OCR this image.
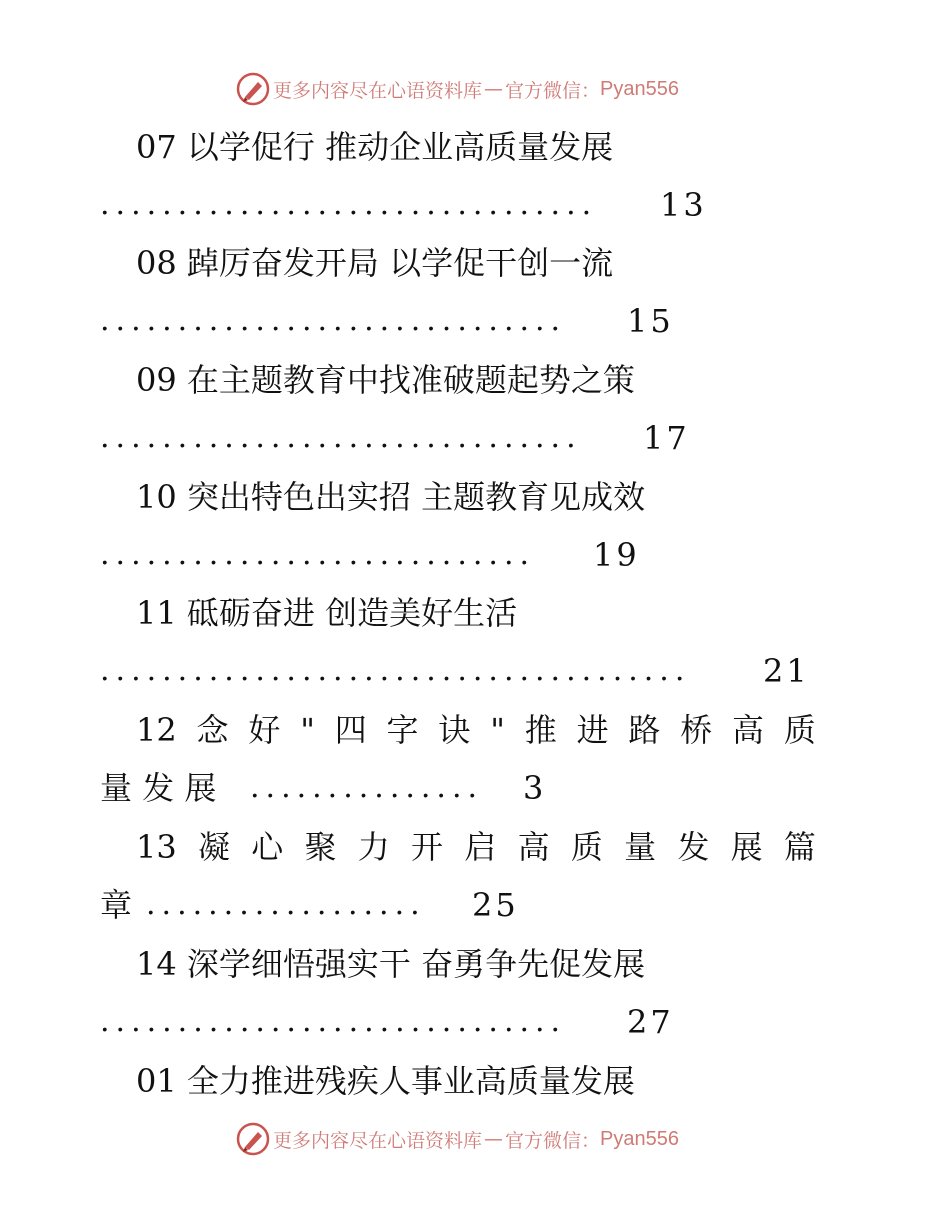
更多内容尽在心语资料库 — 官方微信： Pyan556
07 以学促行 推动企业高质量发展
................................ 13
08 踔厉奋发开局 以学促干创一流
.............................. 15
09 在主题教育中找准破题起势之策
............................... 17
10 突出特色出实招 主题教育见成效
............................ 19
11 砥砺奋进 创造美好生活
...................................... 21
12 念 好 " 四 字 诀 " 推 进 路 桥 高 质
量 发 展 ............... 3
13 凝 心 聚 力 开 启 高 质 量 发 展 篇
章 .................. 25
14 深学细悟强实干 奋勇争先促发展
.............................. 27
01 全力推进残疾人事业高质量发展
更多内容尽在心语资料库 — 官方微信： Pyan556
